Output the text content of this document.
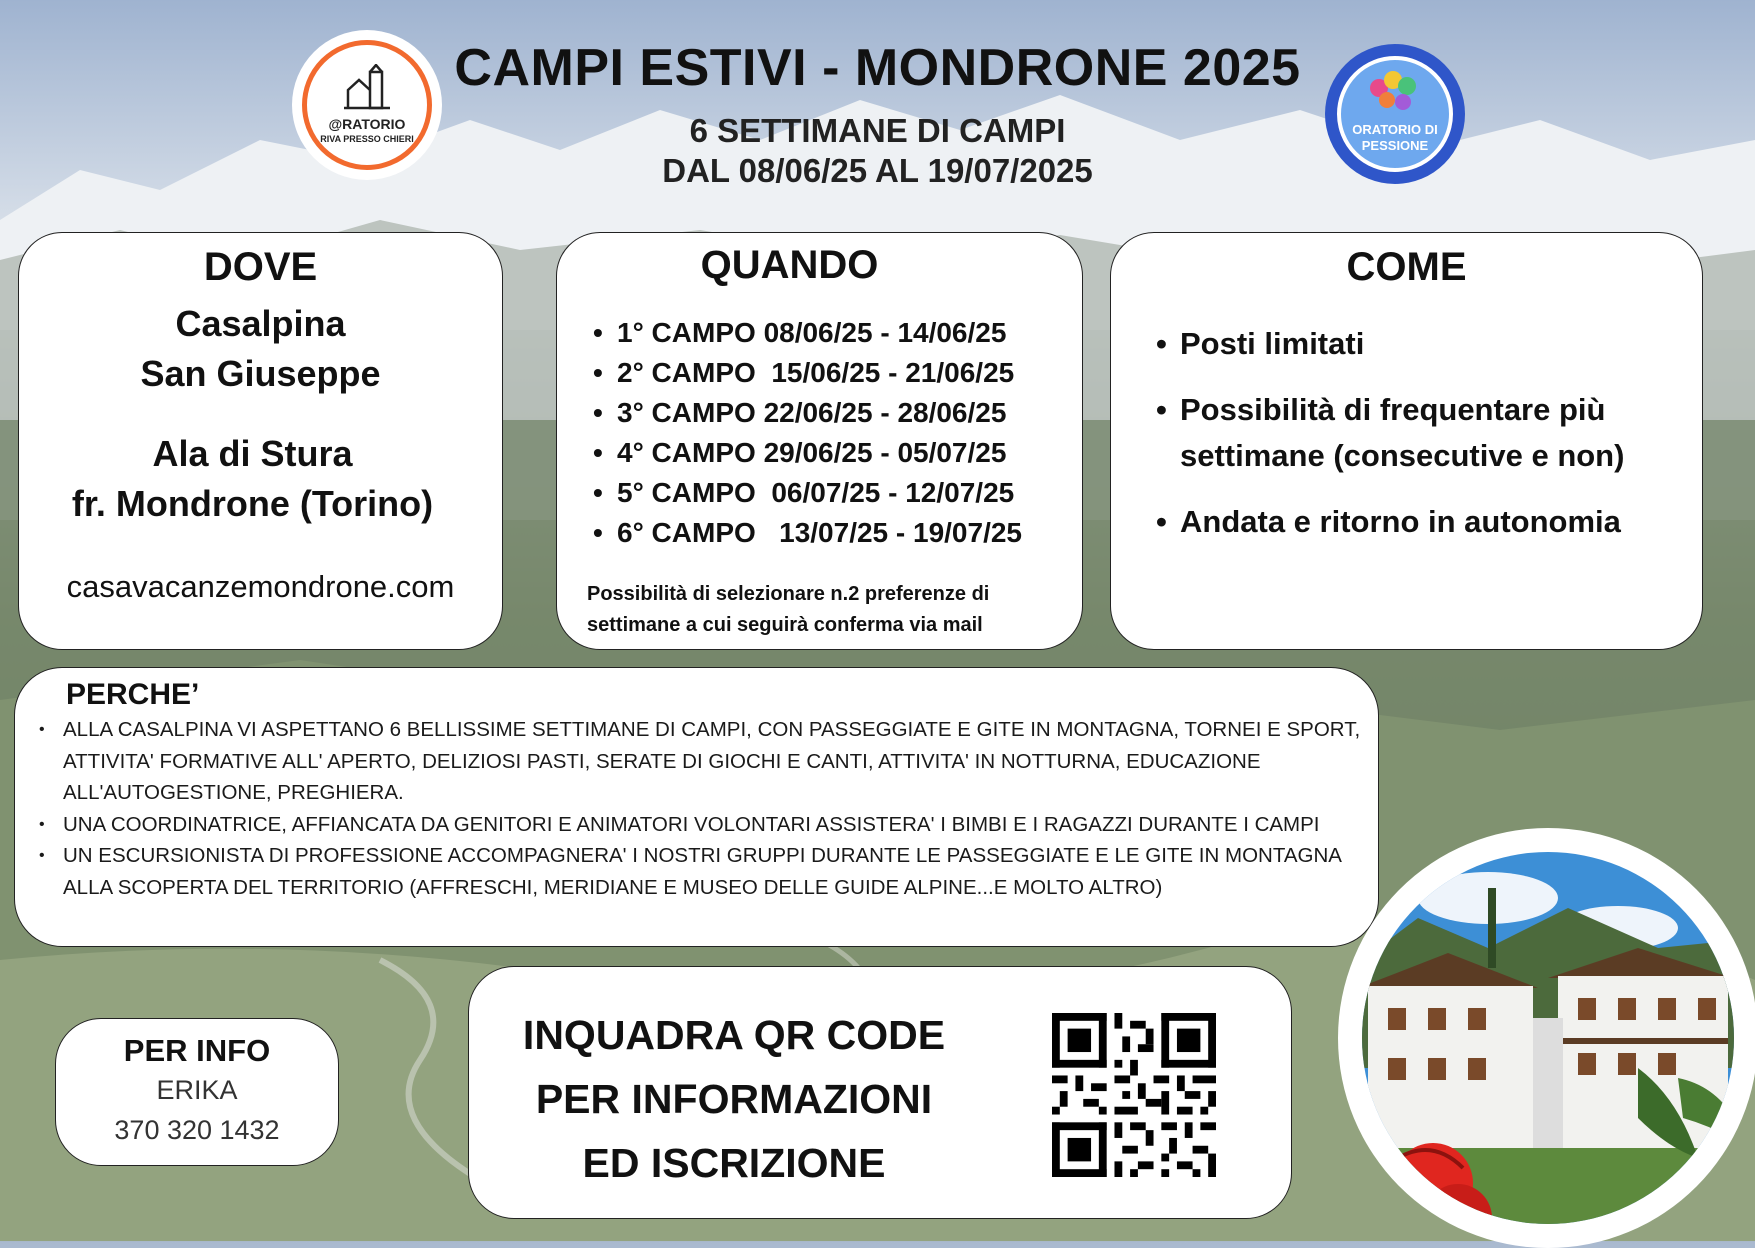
CAMPI ESTIVI - MONDRONE 2025
6 SETTIMANE DI CAMPI
DAL 08/06/25 AL 19/07/2025
@RATORIO
RIVA PRESSO CHIERI
ORATORIO DI
PESSIONE
DOVE
Casalpina
San Giuseppe
Ala di Stura
fr. Mondrone (Torino)
casavacanzemondrone.com
QUANDO
• 1° CAMPO 08/06/25 - 14/06/25
• 2° CAMPO 15/06/25 - 21/06/25
• 3° CAMPO 22/06/25 - 28/06/25
• 4° CAMPO 29/06/25 - 05/07/25
• 5° CAMPO 06/07/25 - 12/07/25
• 6° CAMPO 13/07/25 - 19/07/25
Possibilità di selezionare n.2 preferenze di
settimane a cui seguirà conferma via mail
COME
• Posti limitati
• Possibilità di frequentare più settimane (consecutive e non)
• Andata e ritorno in autonomia
PERCHE’
• ALLA CASALPINA VI ASPETTANO 6 BELLISSIME SETTIMANE DI CAMPI, CON PASSEGGIATE E GITE IN MONTAGNA, TORNEI E SPORT, ATTIVITA' FORMATIVE ALL' APERTO, DELIZIOSI PASTI, SERATE DI GIOCHI E CANTI, ATTIVITA' IN NOTTURNA, EDUCAZIONE ALL'AUTOGESTIONE, PREGHIERA.
• UNA COORDINATRICE, AFFIANCATA DA GENITORI E ANIMATORI VOLONTARI ASSISTERA' I BIMBI E I RAGAZZI DURANTE I CAMPI
• UN ESCURSIONISTA DI PROFESSIONE ACCOMPAGNERA' I NOSTRI GRUPPI DURANTE LE PASSEGGIATE E LE GITE IN MONTAGNA ALLA SCOPERTA DEL TERRITORIO (AFFRESCHI, MERIDIANE E MUSEO DELLE GUIDE ALPINE...E MOLTO ALTRO)
PER INFO
ERIKA
370 320 1432
INQUADRA QR CODE
PER INFORMAZIONI
ED ISCRIZIONE
